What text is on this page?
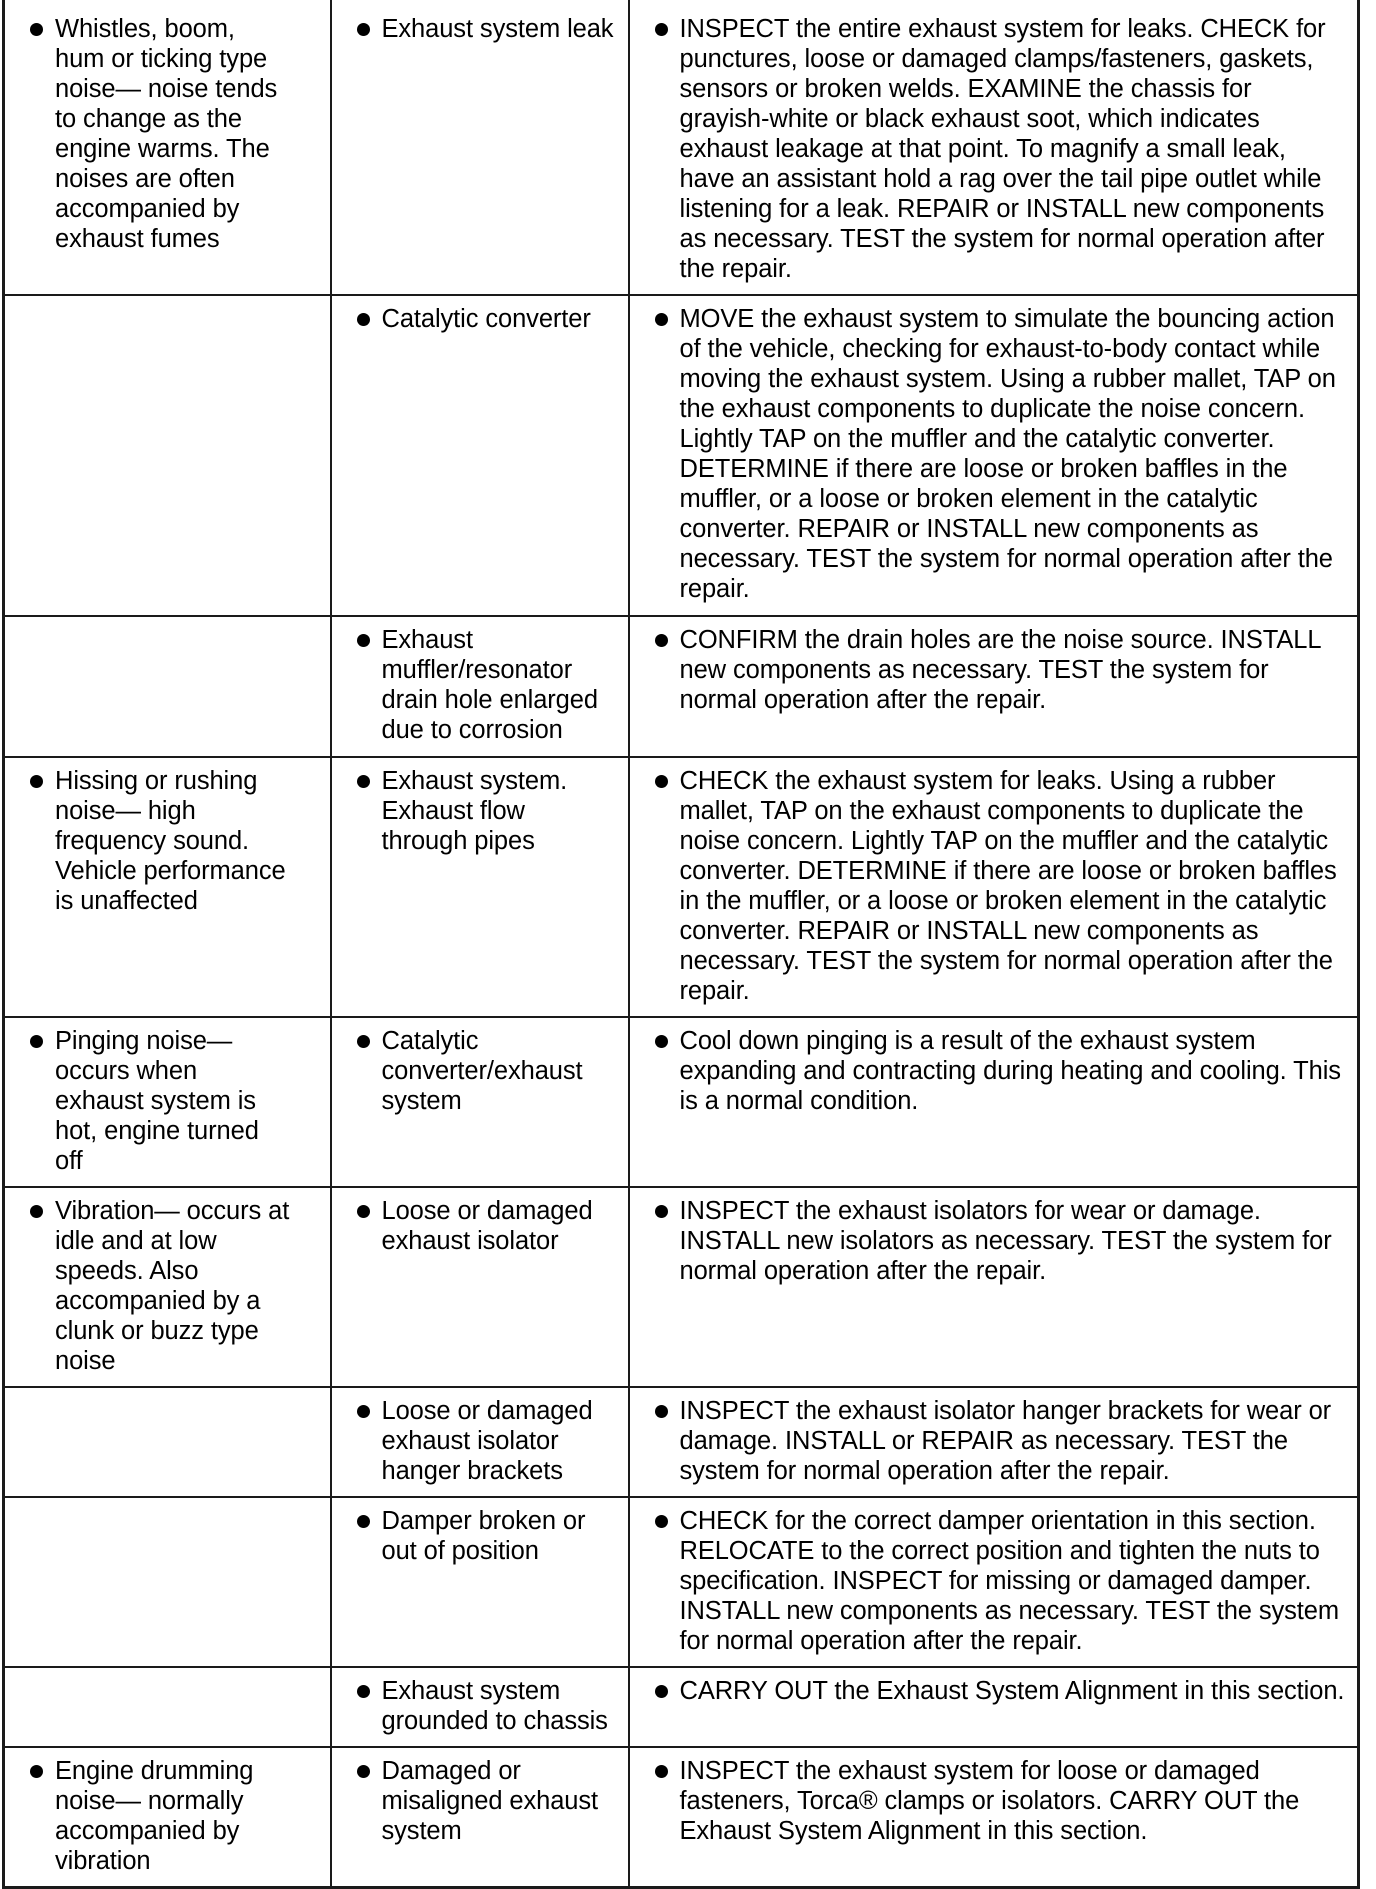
Whistles, boom, hum or ticking type noise— noise tends to change as the engine warms. The noises are often accompanied by exhaust fumes	Exhaust system leak	INSPECT the entire exhaust system for leaks. CHECK for punctures, loose or damaged clamps/fasteners, gaskets, sensors or broken welds. EXAMINE the chassis for grayish-white or black exhaust soot, which indicates exhaust leakage at that point. To magnify a small leak, have an assistant hold a rag over the tail pipe outlet while listening for a leak. REPAIR or INSTALL new components as necessary. TEST the system for normal operation after the repair.

	Catalytic converter	MOVE the exhaust system to simulate the bouncing action of the vehicle, checking for exhaust-to-body contact while moving the exhaust system. Using a rubber mallet, TAP on the exhaust components to duplicate the noise concern. Lightly TAP on the muffler and the catalytic converter. DETERMINE if there are loose or broken baffles in the muffler, or a loose or broken element in the catalytic converter. REPAIR or INSTALL new components as necessary. TEST the system for normal operation after the repair.

	Exhaust muffler/resonator drain hole enlarged due to corrosion	CONFIRM the drain holes are the noise source. INSTALL new components as necessary. TEST the system for normal operation after the repair.

Hissing or rushing noise— high frequency sound. Vehicle performance is unaffected	Exhaust system. Exhaust flow through pipes	CHECK the exhaust system for leaks. Using a rubber mallet, TAP on the exhaust components to duplicate the noise concern. Lightly TAP on the muffler and the catalytic converter. DETERMINE if there are loose or broken baffles in the muffler, or a loose or broken element in the catalytic converter. REPAIR or INSTALL new components as necessary. TEST the system for normal operation after the repair.

Pinging noise— occurs when exhaust system is hot, engine turned off	Catalytic converter/exhaust system	Cool down pinging is a result of the exhaust system expanding and contracting during heating and cooling. This is a normal condition.

Vibration— occurs at idle and at low speeds. Also accompanied by a clunk or buzz type noise	Loose or damaged exhaust isolator	INSPECT the exhaust isolators for wear or damage. INSTALL new isolators as necessary. TEST the system for normal operation after the repair.

	Loose or damaged exhaust isolator hanger brackets	INSPECT the exhaust isolator hanger brackets for wear or damage. INSTALL or REPAIR as necessary. TEST the system for normal operation after the repair.

	Damper broken or out of position	CHECK for the correct damper orientation in this section. RELOCATE to the correct position and tighten the nuts to specification. INSPECT for missing or damaged damper. INSTALL new components as necessary. TEST the system for normal operation after the repair.

	Exhaust system grounded to chassis	CARRY OUT the Exhaust System Alignment in this section.

Engine drumming noise— normally accompanied by vibration	Damaged or misaligned exhaust system	INSPECT the exhaust system for loose or damaged fasteners, Torca® clamps or isolators. CARRY OUT the Exhaust System Alignment in this section.
